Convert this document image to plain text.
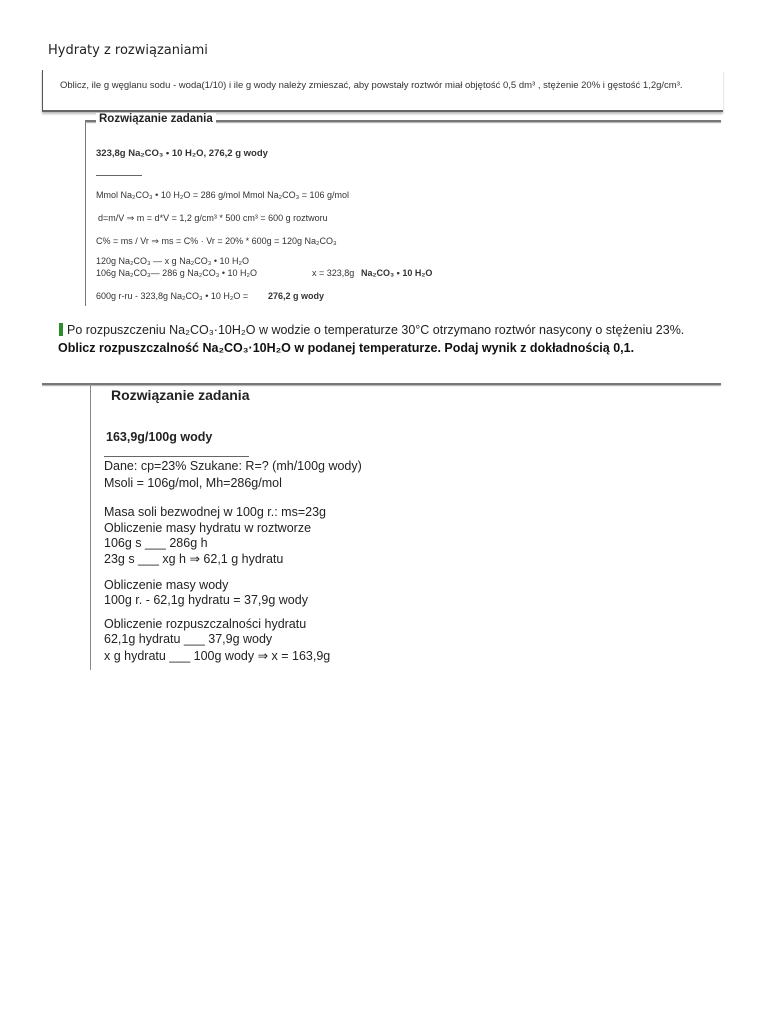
Hydraty z rozwiązaniami
Oblicz, ile g węglanu sodu - woda(1/10) i ile g wody należy zmieszać, aby powstały roztwór miał objętość 0,5 dm³ , stężenie 20% i gęstość 1,2g/cm³.
Rozwiązanie zadania
323,8g Na₂CO₃ • 10 H₂O, 276,2 g wody
Mmol Na₂CO₃ • 10 H₂O = 286 g/mol Mmol Na₂CO₃ = 106 g/mol
d=m/V ⇒ m = d*V = 1,2 g/cm³ * 500 cm³ = 600 g roztworu
C% = ms / Vr ⇒ ms = C% · Vr = 20% * 600g = 120g Na₂CO₃
120g Na₂CO₃ — x g Na₂CO₃ • 10 H₂O
106g Na₂CO₃— 286 g Na₂CO₃ • 10 H₂O	x = 323,8g Na₂CO₃ • 10 H₂O
600g r-ru - 323,8g Na₂CO₃ • 10 H₂O = 276,2 g wody
Po rozpuszczeniu Na₂CO₃·10H₂O w wodzie o temperaturze 30°C otrzymano roztwór nasycony o stężeniu 23%.
Oblicz rozpuszczalność Na₂CO₃·10H₂O w podanej temperaturze. Podaj wynik z dokładnością 0,1.
Rozwiązanie zadania
163,9g/100g wody
Dane: cp=23% Szukane: R=? (mh/100g wody)
Msoli = 106g/mol, Mh=286g/mol
Masa soli bezwodnej w 100g r.: ms=23g
Obliczenie masy hydratu w roztworze
106g s ___ 286g h
23g s ___ xg h ⇒ 62,1 g hydratu
Obliczenie masy wody
100g r. - 62,1g hydratu = 37,9g wody
Obliczenie rozpuszczalności hydratu
62,1g hydratu ___ 37,9g wody
x g hydratu ___ 100g wody ⇒ x = 163,9g
